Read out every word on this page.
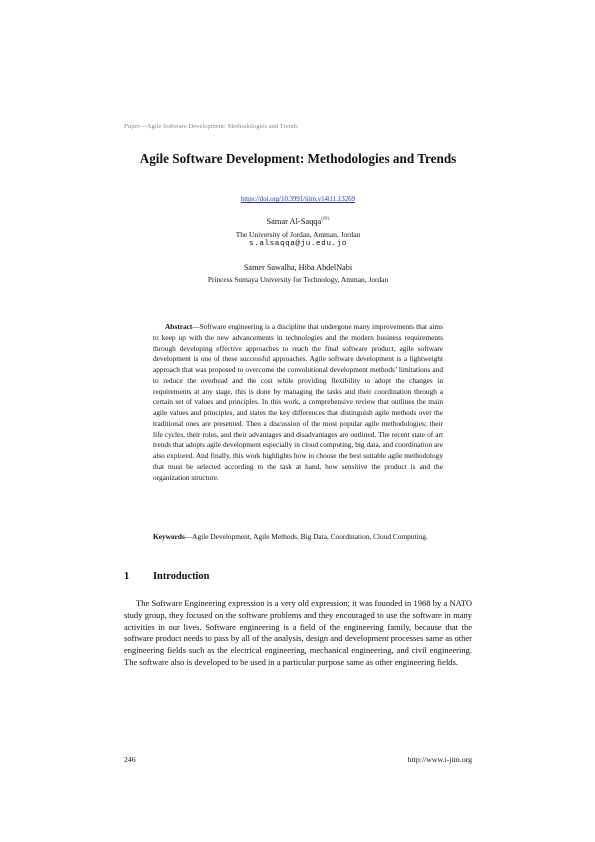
Paper—Agile Software Development: Methodologies and Trends
Agile Software Development: Methodologies and Trends
https://doi.org/10.3991/ijim.v14i11.13269
Samar Al-Saqqa(✉)
The University of Jordan, Amman, Jordan
s.alsaqqa@ju.edu.jo
Samer Sawalha, Hiba AbdelNabi
Princess Sumaya University for Technology, Amman, Jordan

Abstract—Software engineering is a discipline that undergone many improvements that aims to keep up with the new advancements in technologies and the modern business requirements through developing effective approaches to reach the final software product, agile software development is one of these successful approaches. Agile software development is a lightweight approach that was proposed to overcome the convolutional development methods’ limitations and to reduce the overhead and the cost while providing flexibility to adopt the changes in requirements at any stage, this is done by managing the tasks and their coordination through a certain set of values and principles. In this work, a comprehensive review that outlines the main agile values and principles, and states the key differences that distinguish agile methods over the traditional ones are presented. Then a discussion of the most popular agile methodologies; their life cycles, their roles, and their advantages and disadvantages are outlined. The recent state of art trends that adopts agile development especially in cloud computing, big data, and coordination are also explored. And finally, this work highlights how to choose the best suitable agile methodology that must be selected according to the task at hand, how sensitive the product is and the organization structure.

Keywords—Agile Development, Agile Methods, Big Data, Coordination, Cloud Computing.

1 Introduction

The Software Engineering expression is a very old expression; it was founded in 1968 by a NATO study group, they focused on the software problems and they encouraged to use the software in many activities in our lives. Software engineering is a field of the engineering family, because that the software product needs to pass by all of the analysis, design and development processes same as other engineering fields such as the electrical engineering, mechanical engineering, and civil engineering. The software also is developed to be used in a particular purpose same as other engineering fields.

246	http://www.i-jim.org
